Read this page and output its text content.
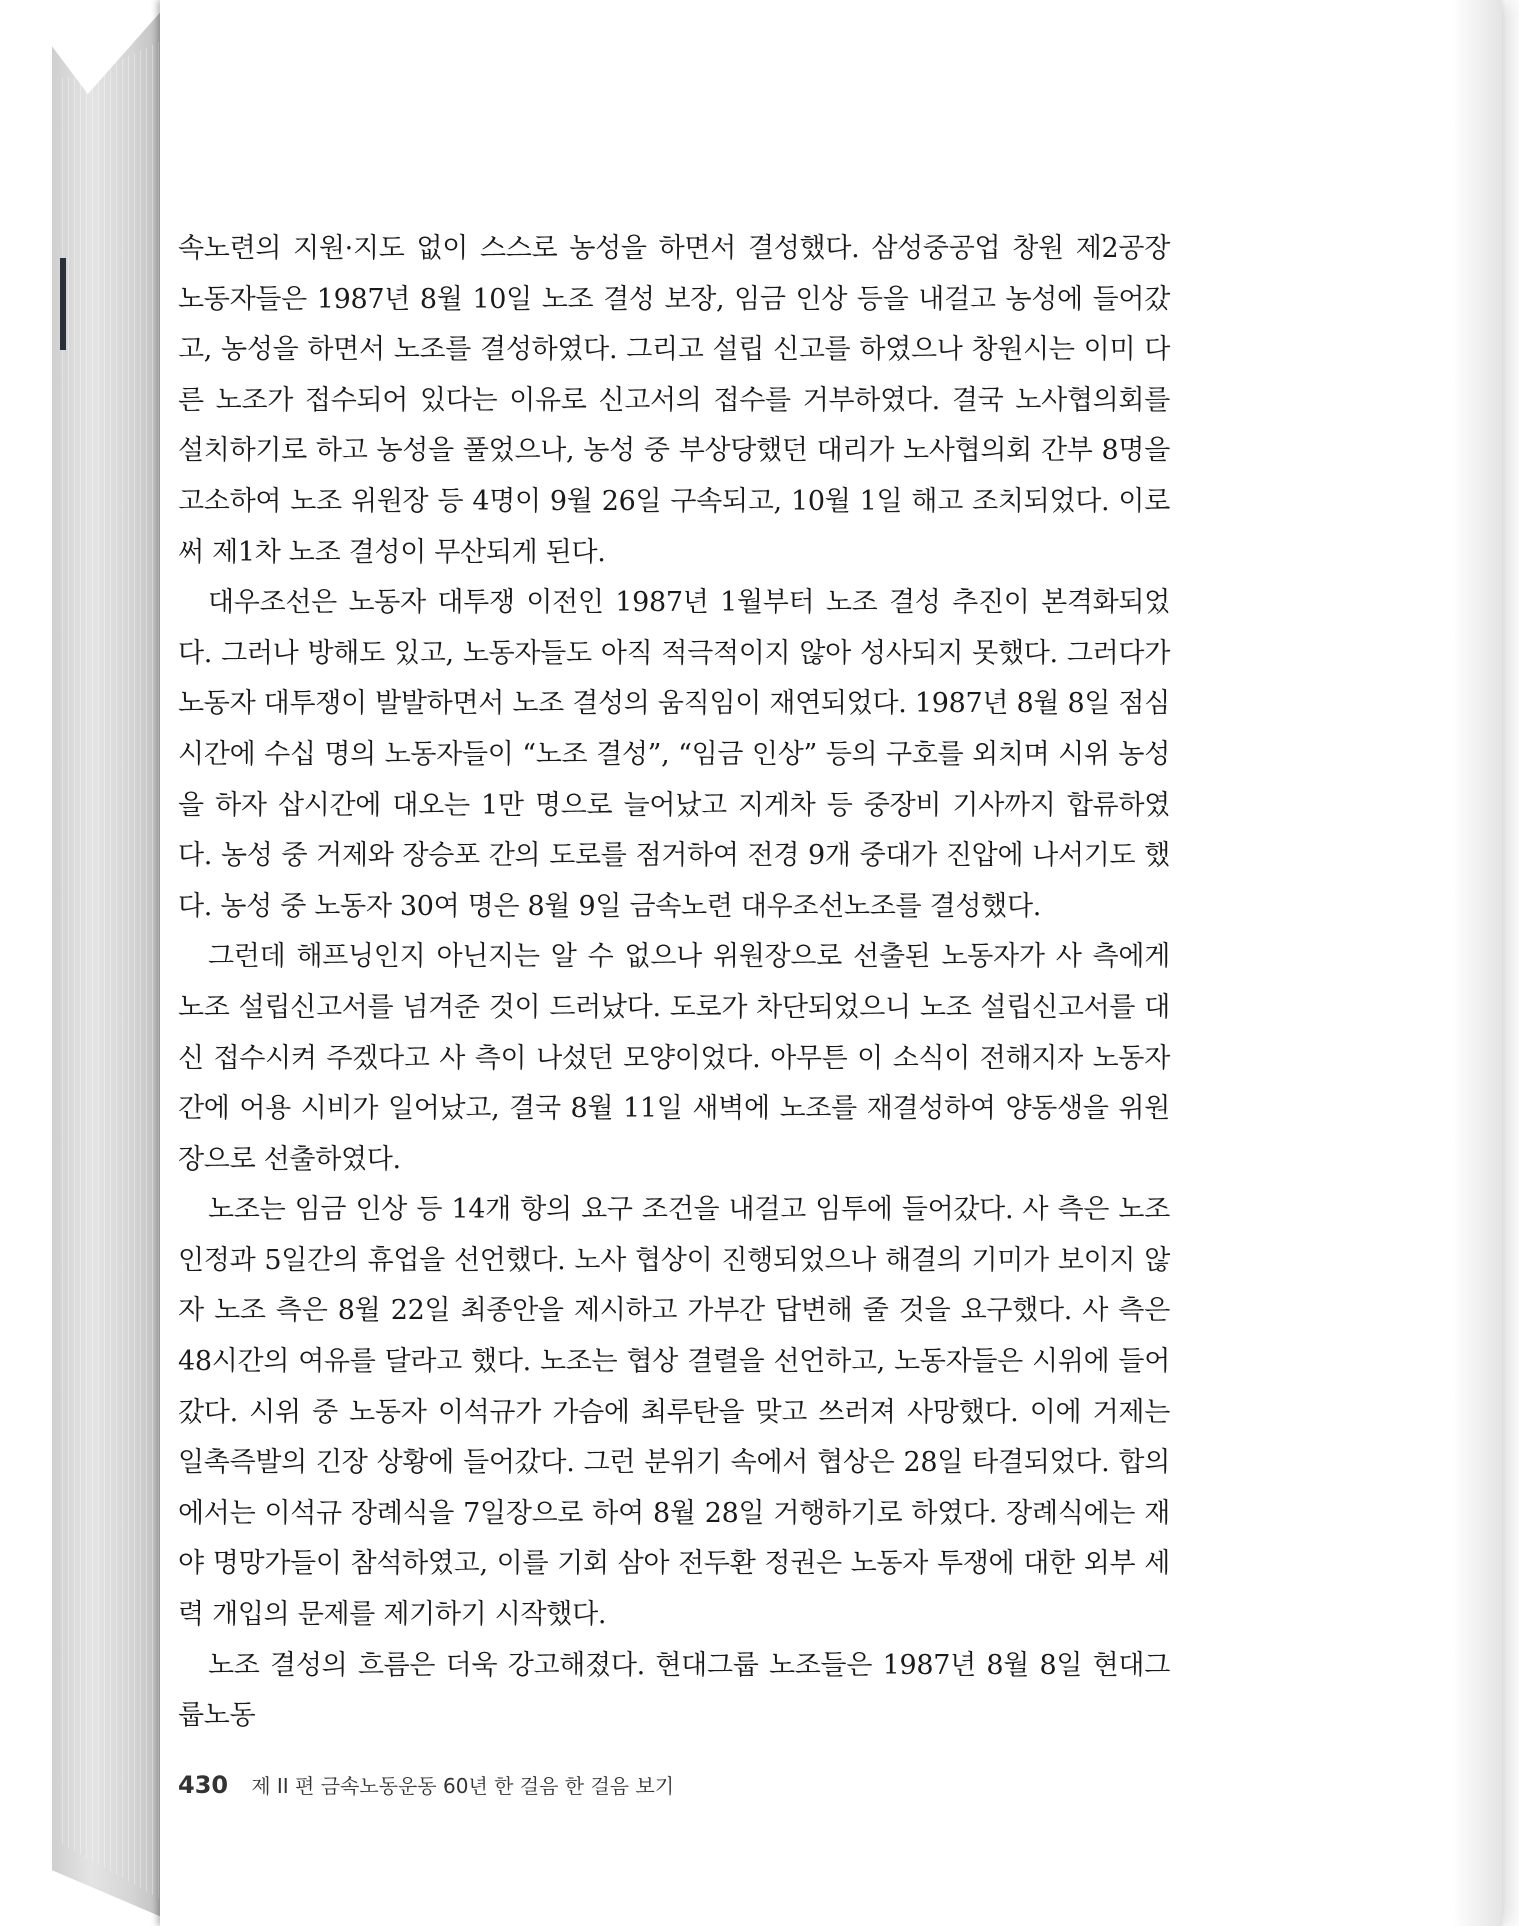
속노련의 지원·지도 없이 스스로 농성을 하면서 결성했다. 삼성중공업 창원 제2공장 노동자들은 1987년 8월 10일 노조 결성 보장, 임금 인상 등을 내걸고 농성에 들어갔고, 농성을 하면서 노조를 결성하였다. 그리고 설립 신고를 하였으나 창원시는 이미 다른 노조가 접수되어 있다는 이유로 신고서의 접수를 거부하였다. 결국 노사협의회를 설치하기로 하고 농성을 풀었으나, 농성 중 부상당했던 대리가 노사협의회 간부 8명을 고소하여 노조 위원장 등 4명이 9월 26일 구속되고, 10월 1일 해고 조치되었다. 이로써 제1차 노조 결성이 무산되게 된다.

대우조선은 노동자 대투쟁 이전인 1987년 1월부터 노조 결성 추진이 본격화되었다. 그러나 방해도 있고, 노동자들도 아직 적극적이지 않아 성사되지 못했다. 그러다가 노동자 대투쟁이 발발하면서 노조 결성의 움직임이 재연되었다. 1987년 8월 8일 점심시간에 수십 명의 노동자들이 “노조 결성”, “임금 인상” 등의 구호를 외치며 시위 농성을 하자 삽시간에 대오는 1만 명으로 늘어났고 지게차 등 중장비 기사까지 합류하였다. 농성 중 거제와 장승포 간의 도로를 점거하여 전경 9개 중대가 진압에 나서기도 했다. 농성 중 노동자 30여 명은 8월 9일 금속노련 대우조선노조를 결성했다.

그런데 해프닝인지 아닌지는 알 수 없으나 위원장으로 선출된 노동자가 사 측에게 노조 설립신고서를 넘겨준 것이 드러났다. 도로가 차단되었으니 노조 설립신고서를 대신 접수시켜 주겠다고 사 측이 나섰던 모양이었다. 아무튼 이 소식이 전해지자 노동자 간에 어용 시비가 일어났고, 결국 8월 11일 새벽에 노조를 재결성하여 양동생을 위원장으로 선출하였다.

노조는 임금 인상 등 14개 항의 요구 조건을 내걸고 임투에 들어갔다. 사 측은 노조 인정과 5일간의 휴업을 선언했다. 노사 협상이 진행되었으나 해결의 기미가 보이지 않자 노조 측은 8월 22일 최종안을 제시하고 가부간 답변해 줄 것을 요구했다. 사 측은 48시간의 여유를 달라고 했다. 노조는 협상 결렬을 선언하고, 노동자들은 시위에 들어갔다. 시위 중 노동자 이석규가 가슴에 최루탄을 맞고 쓰러져 사망했다. 이에 거제는 일촉즉발의 긴장 상황에 들어갔다. 그런 분위기 속에서 협상은 28일 타결되었다. 합의에서는 이석규 장례식을 7일장으로 하여 8월 28일 거행하기로 하였다. 장례식에는 재야 명망가들이 참석하였고, 이를 기회 삼아 전두환 정권은 노동자 투쟁에 대한 외부 세력 개입의 문제를 제기하기 시작했다.

노조 결성의 흐름은 더욱 강고해졌다. 현대그룹 노조들은 1987년 8월 8일 현대그룹노동

430 제 II 편 금속노동운동 60년 한 걸음 한 걸음 보기
